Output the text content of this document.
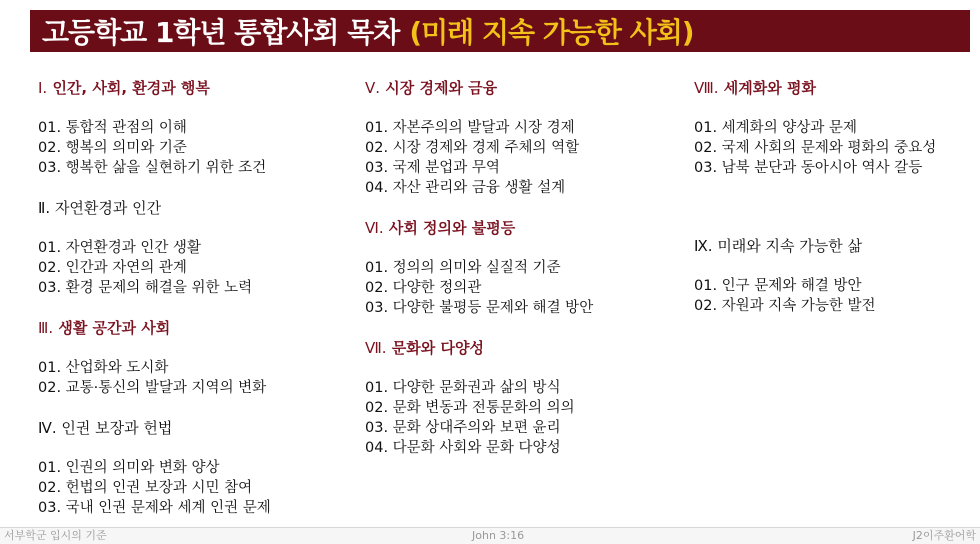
고등학교 1학년 통합사회 목차 (미래 지속 가능한 사회)
Ⅰ. 인간, 사회, 환경과 행복
01. 통합적 관점의 이해
02. 행복의 의미와 기준
03. 행복한 삶을 실현하기 위한 조건
Ⅱ. 자연환경과 인간
01. 자연환경과 인간 생활
02. 인간과 자연의 관계
03. 환경 문제의 해결을 위한 노력
Ⅲ. 생활 공간과 사회
01. 산업화와 도시화
02. 교통·통신의 발달과 지역의 변화
Ⅳ. 인권 보장과 헌법
01. 인권의 의미와 변화 양상
02. 헌법의 인권 보장과 시민 참여
03. 국내 인권 문제와 세계 인권 문제
Ⅴ. 시장 경제와 금융
01. 자본주의의 발달과 시장 경제
02. 시장 경제와 경제 주체의 역할
03. 국제 분업과 무역
04. 자산 관리와 금융 생활 설계
Ⅵ. 사회 정의와 불평등
01. 정의의 의미와 실질적 기준
02. 다양한 정의관
03. 다양한 불평등 문제와 해결 방안
Ⅶ. 문화와 다양성
01. 다양한 문화권과 삶의 방식
02. 문화 변동과 전통문화의 의의
03. 문화 상대주의와 보편 윤리
04. 다문화 사회와 문화 다양성
Ⅷ. 세계화와 평화
01. 세계화의 양상과 문제
02. 국제 사회의 문제와 평화의 중요성
03. 남북 분단과 동아시아 역사 갈등
Ⅸ. 미래와 지속 가능한 삶
01. 인구 문제와 해결 방안
02. 자원과 지속 가능한 발전
서부학군 입시의 기준	John 3:16	J2이주환어학
